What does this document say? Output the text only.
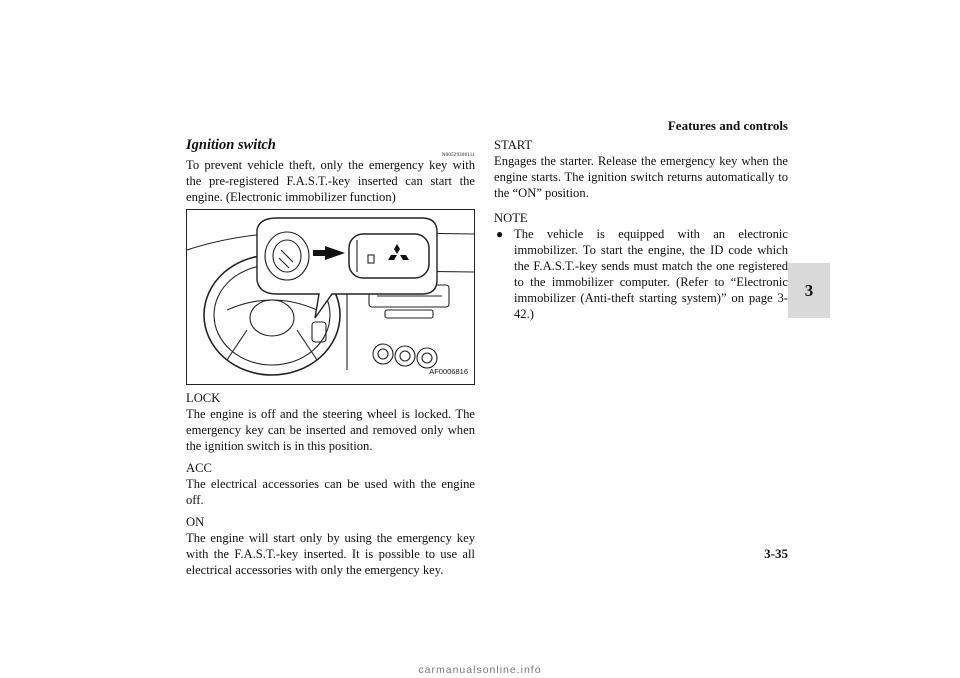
Features and controls
3
Ignition switch
N00529300111

To prevent vehicle theft, only the emergency key with the pre-registered F.A.S.T.-key inserted can start the engine. (Electronic immobilizer function)

AF0006816

LOCK

The engine is off and the steering wheel is locked. The emergency key can be inserted and removed only when the ignition switch is in this position.

ACC

The electrical accessories can be used with the engine off.

ON

The engine will start only by using the emergency key with the F.A.S.T.-key inserted. It is possible to use all electrical accessories with only the emergency key.

START

Engages the starter. Release the emergency key when the engine starts. The ignition switch returns automatically to the “ON” position.

NOTE

● The vehicle is equipped with an electronic immobilizer. To start the engine, the ID code which the F.A.S.T.-key sends must match the one registered to the immobilizer computer. (Refer to “Electronic immobilizer (Anti-theft starting system)” on page 3-42.)

3-35
carmanualsonline.info
